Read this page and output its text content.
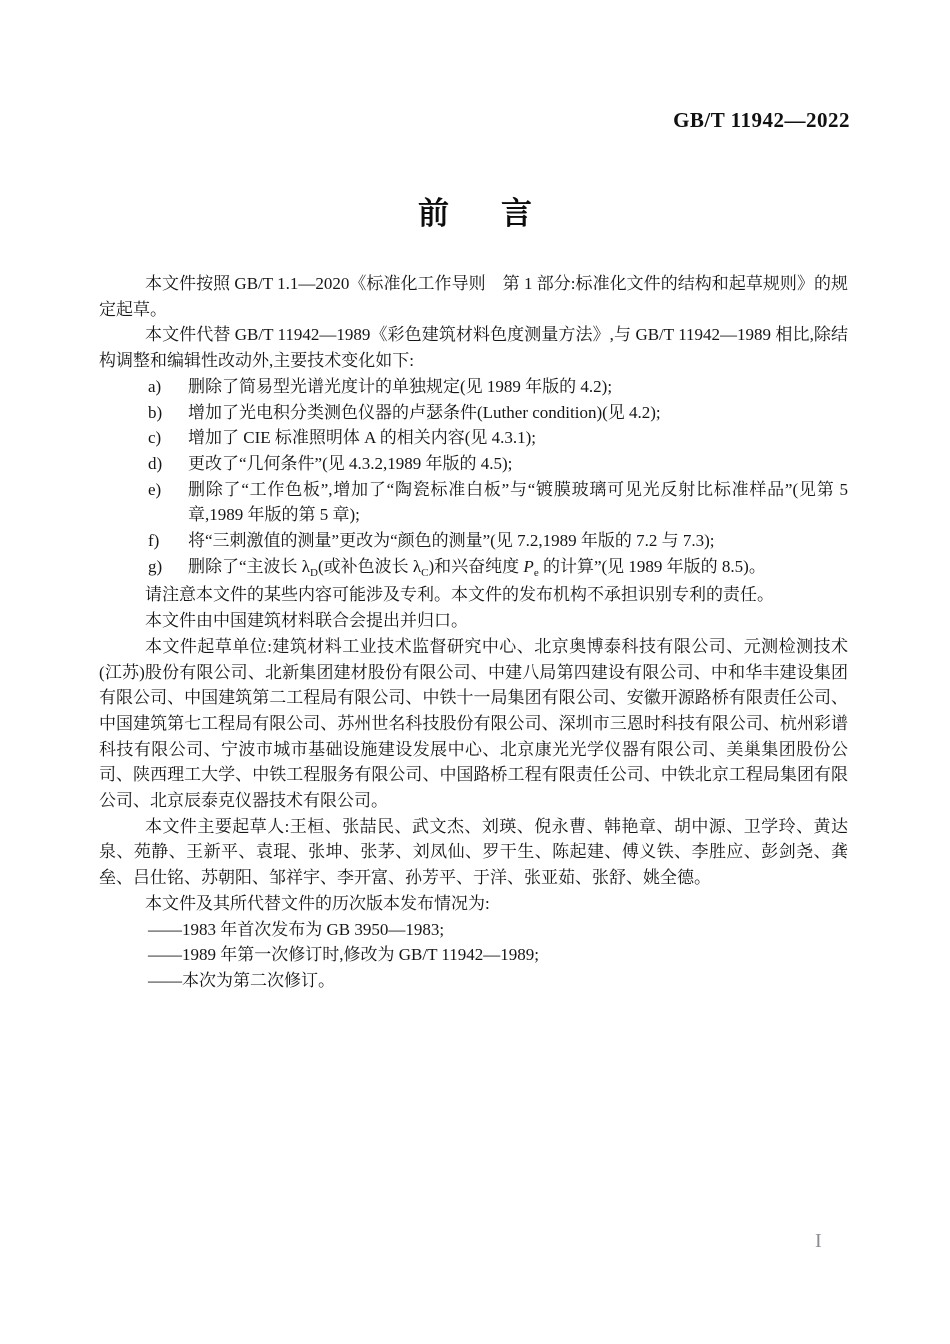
GB/T 11942—2022
前 言

本文件按照 GB/T 1.1—2020《标准化工作导则　第 1 部分:标准化文件的结构和起草规则》的规定起草。

本文件代替 GB/T 11942—1989《彩色建筑材料色度测量方法》,与 GB/T 11942—1989 相比,除结构调整和编辑性改动外,主要技术变化如下:

a) 删除了简易型光谱光度计的单独规定(见 1989 年版的 4.2);
b) 增加了光电积分类测色仪器的卢瑟条件(Luther condition)(见 4.2);
c) 增加了 CIE 标准照明体 A 的相关内容(见 4.3.1);
d) 更改了“几何条件”(见 4.3.2,1989 年版的 4.5);
e) 删除了“工作色板”,增加了“陶瓷标准白板”与“镀膜玻璃可见光反射比标准样品”(见第 5 章,1989 年版的第 5 章);
f) 将“三刺激值的测量”更改为“颜色的测量”(见 7.2,1989 年版的 7.2 与 7.3);
g) 删除了“主波长 $\lambda_D$(或补色波长 $\lambda_C$)和兴奋纯度 $P_e$ 的计算”(见 1989 年版的 8.5)。

请注意本文件的某些内容可能涉及专利。本文件的发布机构不承担识别专利的责任。

本文件由中国建筑材料联合会提出并归口。

本文件起草单位:建筑材料工业技术监督研究中心、北京奥博泰科技有限公司、元测检测技术(江苏)股份有限公司、北新集团建材股份有限公司、中建八局第四建设有限公司、中和华丰建设集团有限公司、中国建筑第二工程局有限公司、中铁十一局集团有限公司、安徽开源路桥有限责任公司、中国建筑第七工程局有限公司、苏州世名科技股份有限公司、深圳市三恩时科技有限公司、杭州彩谱科技有限公司、宁波市城市基础设施建设发展中心、北京康光光学仪器有限公司、美巢集团股份公司、陕西理工大学、中铁工程服务有限公司、中国路桥工程有限责任公司、中铁北京工程局集团有限公司、北京辰泰克仪器技术有限公司。

本文件主要起草人:王桓、张喆民、武文杰、刘瑛、倪永曹、韩艳章、胡中源、卫学玲、黄达泉、苑静、王新平、袁琨、张坤、张茅、刘凤仙、罗干生、陈起建、傅义铁、李胜应、彭剑尧、龚垒、吕仕铭、苏朝阳、邹祥宇、李开富、孙芳平、于洋、张亚茹、张舒、姚全德。

本文件及其所代替文件的历次版本发布情况为:

——1983 年首次发布为 GB 3950—1983;
——1989 年第一次修订时,修改为 GB/T 11942—1989;
——本次为第二次修订。
I
